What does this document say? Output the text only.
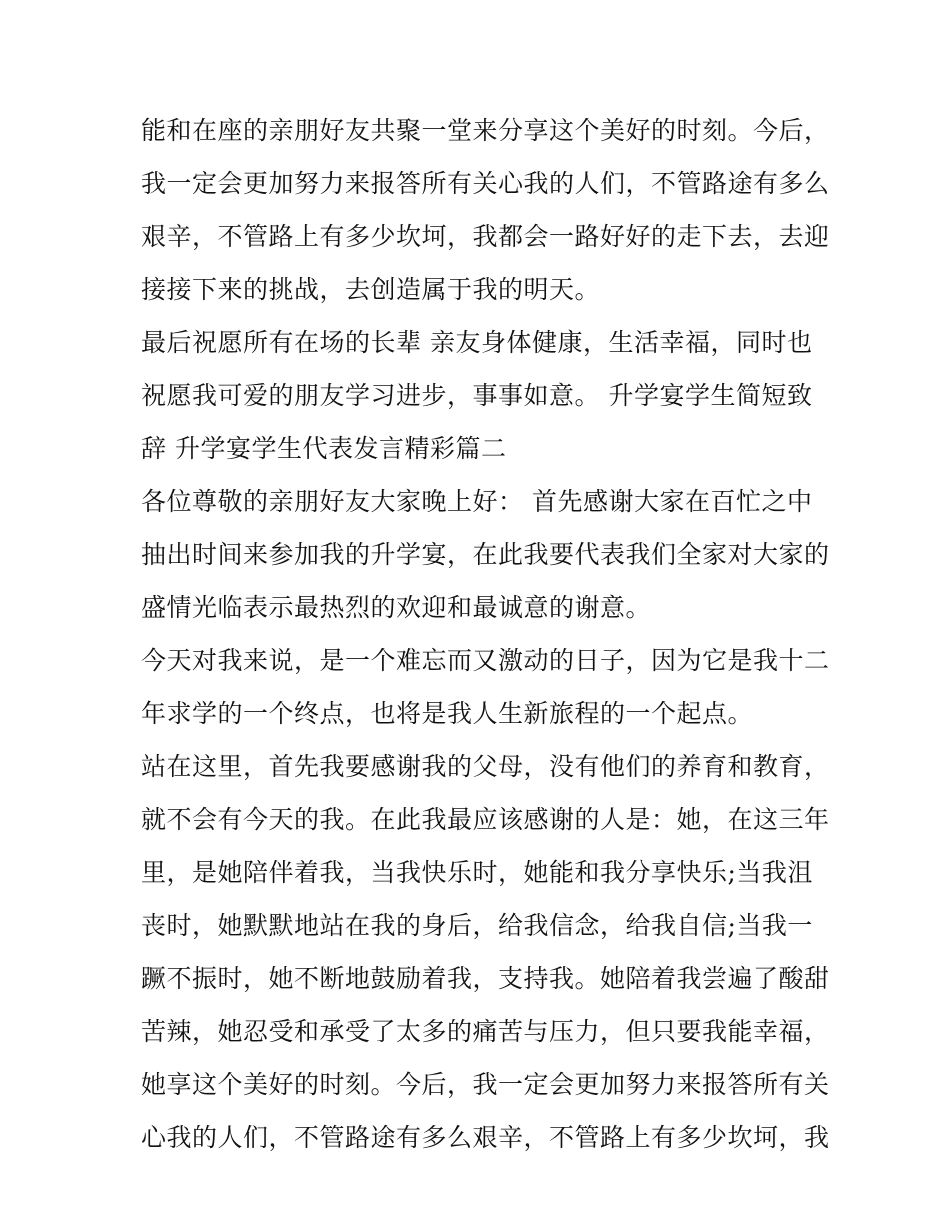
能和在座的亲朋好友共聚一堂来分享这个美好的时刻。今后，
我一定会更加努力来报答所有关心我的人们，不管路途有多么
艰辛，不管路上有多少坎坷，我都会一路好好的走下去，去迎
接接下来的挑战，去创造属于我的明天。
最后祝愿所有在场的长辈 亲友身体健康，生活幸福，同时也
祝愿我可爱的朋友学习进步，事事如意。 升学宴学生简短致
辞 升学宴学生代表发言精彩篇二
各位尊敬的亲朋好友大家晚上好： 首先感谢大家在百忙之中
抽出时间来参加我的升学宴，在此我要代表我们全家对大家的
盛情光临表示最热烈的欢迎和最诚意的谢意。
今天对我来说，是一个难忘而又激动的日子，因为它是我十二
年求学的一个终点，也将是我人生新旅程的一个起点。
站在这里，首先我要感谢我的父母，没有他们的养育和教育，
就不会有今天的我。在此我最应该感谢的人是：她，在这三年
里，是她陪伴着我，当我快乐时，她能和我分享快乐;当我沮
丧时，她默默地站在我的身后，给我信念，给我自信;当我一
蹶不振时，她不断地鼓励着我，支持我。她陪着我尝遍了酸甜
苦辣，她忍受和承受了太多的痛苦与压力，但只要我能幸福，
她享这个美好的时刻。今后，我一定会更加努力来报答所有关
心我的人们，不管路途有多么艰辛，不管路上有多少坎坷，我
